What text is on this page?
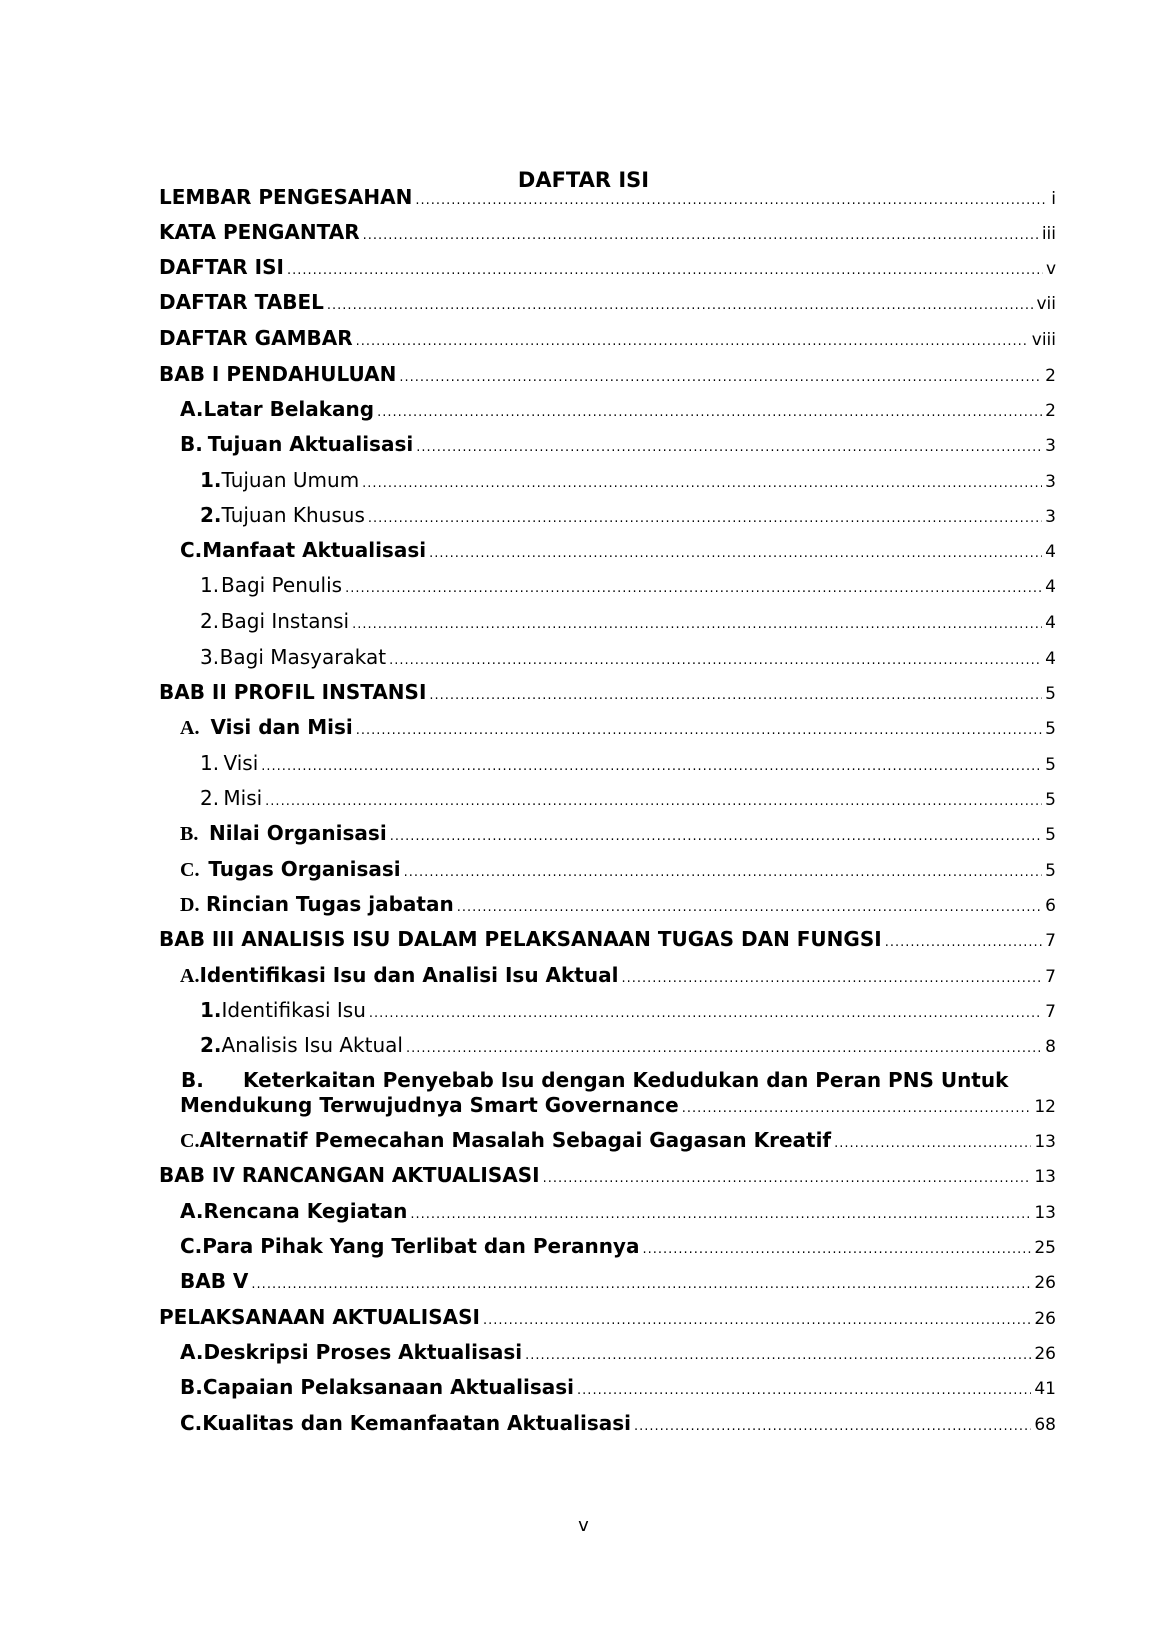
DAFTAR ISI
LEMBAR PENGESAHAN .....	i
KATA PENGANTAR .....	iii
DAFTAR ISI .....	v
DAFTAR TABEL .....	vii
DAFTAR GAMBAR .....	viii
BAB I PENDAHULUAN .....	2
A. Latar Belakang .....	2
B. Tujuan Aktualisasi .....	3
1. Tujuan Umum .....	3
2. Tujuan Khusus .....	3
C. Manfaat Aktualisasi .....	4
1. Bagi Penulis .....	4
2. Bagi Instansi .....	4
3. Bagi Masyarakat .....	4
BAB II PROFIL INSTANSI .....	5
A. Visi dan Misi .....	5
1. Visi .....	5
2. Misi .....	5
B. Nilai Organisasi .....	5
C. Tugas Organisasi .....	5
D. Rincian Tugas jabatan .....	6
BAB III ANALISIS ISU DALAM PELAKSANAAN TUGAS DAN FUNGSI .....	7
A. Identifikasi Isu dan Analisi Isu Aktual .....	7
1. Identifikasi Isu .....	7
2. Analisis Isu Aktual .....	8
B. Keterkaitan Penyebab Isu dengan Kedudukan dan Peran PNS Untuk
Mendukung Terwujudnya Smart Governance .....	12
C. Alternatif Pemecahan Masalah Sebagai Gagasan Kreatif .....	13
BAB IV RANCANGAN AKTUALISASI .....	13
A. Rencana Kegiatan .....	13
C. Para Pihak Yang Terlibat dan Perannya .....	25
BAB V .....	26
PELAKSANAAN AKTUALISASI .....	26
A. Deskripsi Proses Aktualisasi .....	26
B. Capaian Pelaksanaan Aktualisasi .....	41
C. Kualitas dan Kemanfaatan Aktualisasi .....	68
v
